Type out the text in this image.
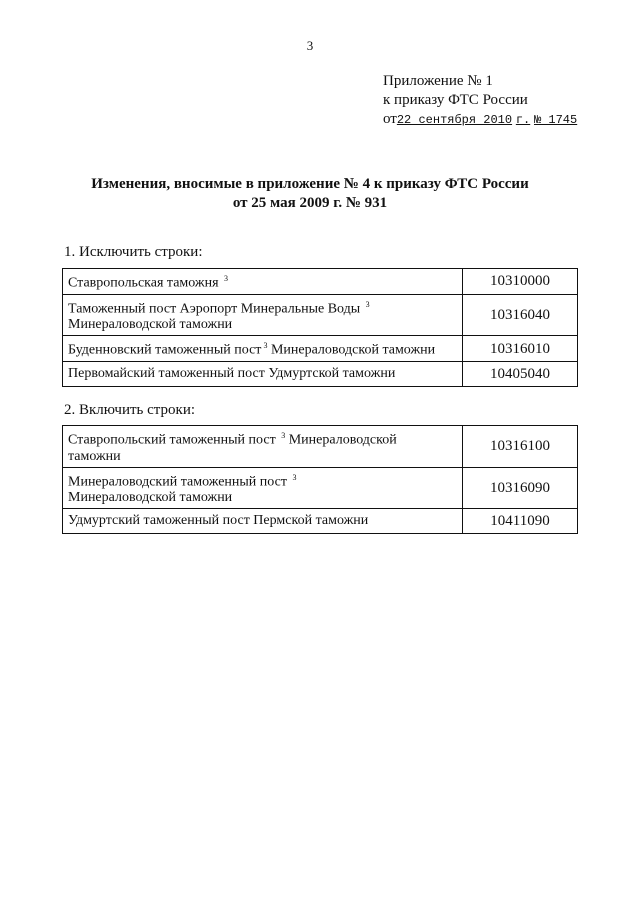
3
Приложение № 1
к приказу ФТС России
от22 сентября 2010 г. № 1745
Изменения, вносимые в приложение № 4 к приказу ФТС России
от 25 мая 2009 г. № 931
1. Исключить строки:
Ставропольская таможня $^3$	10310000
Таможенный пост Аэропорт Минеральные Воды $^3$
Минераловодской таможни	10316040
Буденновский таможенный пост $^3$ Минераловодской таможни	10316010
Первомайский таможенный пост Удмуртской таможни	10405040
2. Включить строки:
Ставропольский таможенный пост $^3$ Минераловодской
таможни	10316100
Минераловодский таможенный пост $^3$
Минераловодской таможни	10316090
Удмуртский таможенный пост Пермской таможни	10411090
